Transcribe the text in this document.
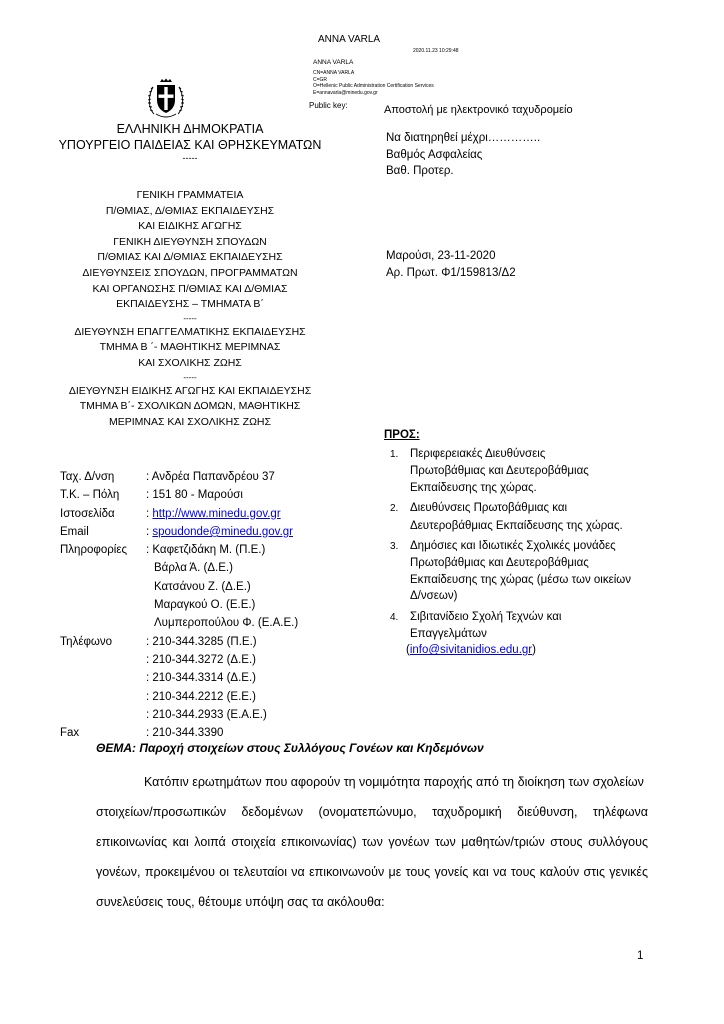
ANNA VARLA
2020.11.23 10:29:48
ANNA VARLA
CN=ANNA VARLA
C=GR
O=Hellenic Public Administration Certification Services
E=annavarla@minedu.gov.gr
Public key:	Αποστολή με ηλεκτρονικό ταχυδρομείο
ΕΛΛΗΝΙΚΗ ΔΗΜΟΚΡΑΤΙΑ
ΥΠΟΥΡΓΕΙΟ ΠΑΙΔΕΙΑΣ ΚΑΙ ΘΡΗΣΚΕΥΜΑΤΩΝ
-----
ΓΕΝΙΚΗ ΓΡΑΜΜΑΤΕΙΑ
Π/ΘΜΙΑΣ, Δ/ΘΜΙΑΣ ΕΚΠΑΙΔΕΥΣΗΣ
ΚΑΙ ΕΙΔΙΚΗΣ ΑΓΩΓΗΣ
ΓΕΝΙΚΗ ΔΙΕΥΘΥΝΣΗ ΣΠΟΥΔΩΝ
Π/ΘΜΙΑΣ ΚΑΙ Δ/ΘΜΙΑΣ ΕΚΠΑΙΔΕΥΣΗΣ
ΔΙΕΥΘΥΝΣΕΙΣ ΣΠΟΥΔΩΝ, ΠΡΟΓΡΑΜΜΑΤΩΝ
ΚΑΙ ΟΡΓΑΝΩΣΗΣ Π/ΘΜΙΑΣ ΚΑΙ Δ/ΘΜΙΑΣ
ΕΚΠΑΙΔΕΥΣΗΣ – ΤΜΗΜΑΤΑ Β΄
-----
ΔΙΕΥΘΥΝΣΗ ΕΠΑΓΓΕΛΜΑΤΙΚΗΣ ΕΚΠΑΙΔΕΥΣΗΣ
ΤΜΗΜΑ Β ΄- ΜΑΘΗΤΙΚΗΣ ΜΕΡΙΜΝΑΣ
ΚΑΙ ΣΧΟΛΙΚΗΣ ΖΩΗΣ
-----
ΔΙΕΥΘΥΝΣΗ ΕΙΔΙΚΗΣ ΑΓΩΓΗΣ ΚΑΙ ΕΚΠΑΙΔΕΥΣΗΣ
ΤΜΗΜΑ Β΄- ΣΧΟΛΙΚΩΝ ΔΟΜΩΝ, ΜΑΘΗΤΙΚΗΣ
ΜΕΡΙΜΝΑΣ ΚΑΙ ΣΧΟΛΙΚΗΣ ΖΩΗΣ
Ταχ. Δ/νση
Τ.Κ. – Πόλη
Ιστοσελίδα
Email
Πληροφορίες
Τηλέφωνο
Fax
: Ανδρέα Παπανδρέου 37
: 151 80 - Μαρούσι
: http://www.minedu.gov.gr
: spoudonde@minedu.gov.gr
: Καφετζιδάκη Μ. (Π.Ε.)
Βάρλα Ά. (Δ.Ε.)
Κατσάνου Ζ. (Δ.Ε.)
Μαραγκού Ο. (Ε.Ε.)
Λυμπεροπούλου Φ. (Ε.Α.Ε.)
: 210-344.3285 (Π.Ε.)
: 210-344.3272 (Δ.Ε.)
: 210-344.3314 (Δ.Ε.)
: 210-344.2212 (Ε.Ε.)
: 210-344.2933 (Ε.Α.Ε.)
: 210-344.3390
Να διατηρηθεί μέχρι…………..
Βαθμός Ασφαλείας
Βαθ. Προτερ.
Μαρούσι, 23-11-2020
Αρ. Πρωτ. Φ1/159813/Δ2
ΠΡΟΣ:
1. Περιφερειακές Διευθύνσεις
Πρωτοβάθμιας και Δευτεροβάθμιας
Εκπαίδευσης της χώρας.
2. Διευθύνσεις Πρωτοβάθμιας και
Δευτεροβάθμιας Εκπαίδευσης της χώρας.
3. Δημόσιες και Ιδιωτικές Σχολικές μονάδες
Πρωτοβάθμιας και Δευτεροβάθμιας
Εκπαίδευσης της χώρας (μέσω των οικείων
Δ/νσεων)
4. Σιβιτανίδειο Σχολή Τεχνών και
Επαγγελμάτων
(info@sivitanidios.edu.gr)
ΘΕΜΑ: Παροχή στοιχείων στους Συλλόγους Γονέων και Κηδεμόνων
Κατόπιν ερωτημάτων που αφορούν τη νομιμότητα παροχής από τη διοίκηση των σχολείων
στοιχείων/προσωπικών δεδομένων (ονοματεπώνυμο, ταχυδρομική διεύθυνση, τηλέφωνα
επικοινωνίας και λοιπά στοιχεία επικοινωνίας) των γονέων των μαθητών/τριών στους συλλόγους
γονέων, προκειμένου οι τελευταίοι να επικοινωνούν με τους γονείς και να τους καλούν στις γενικές
συνελεύσεις τους, θέτουμε υπόψη σας τα ακόλουθα:
1
